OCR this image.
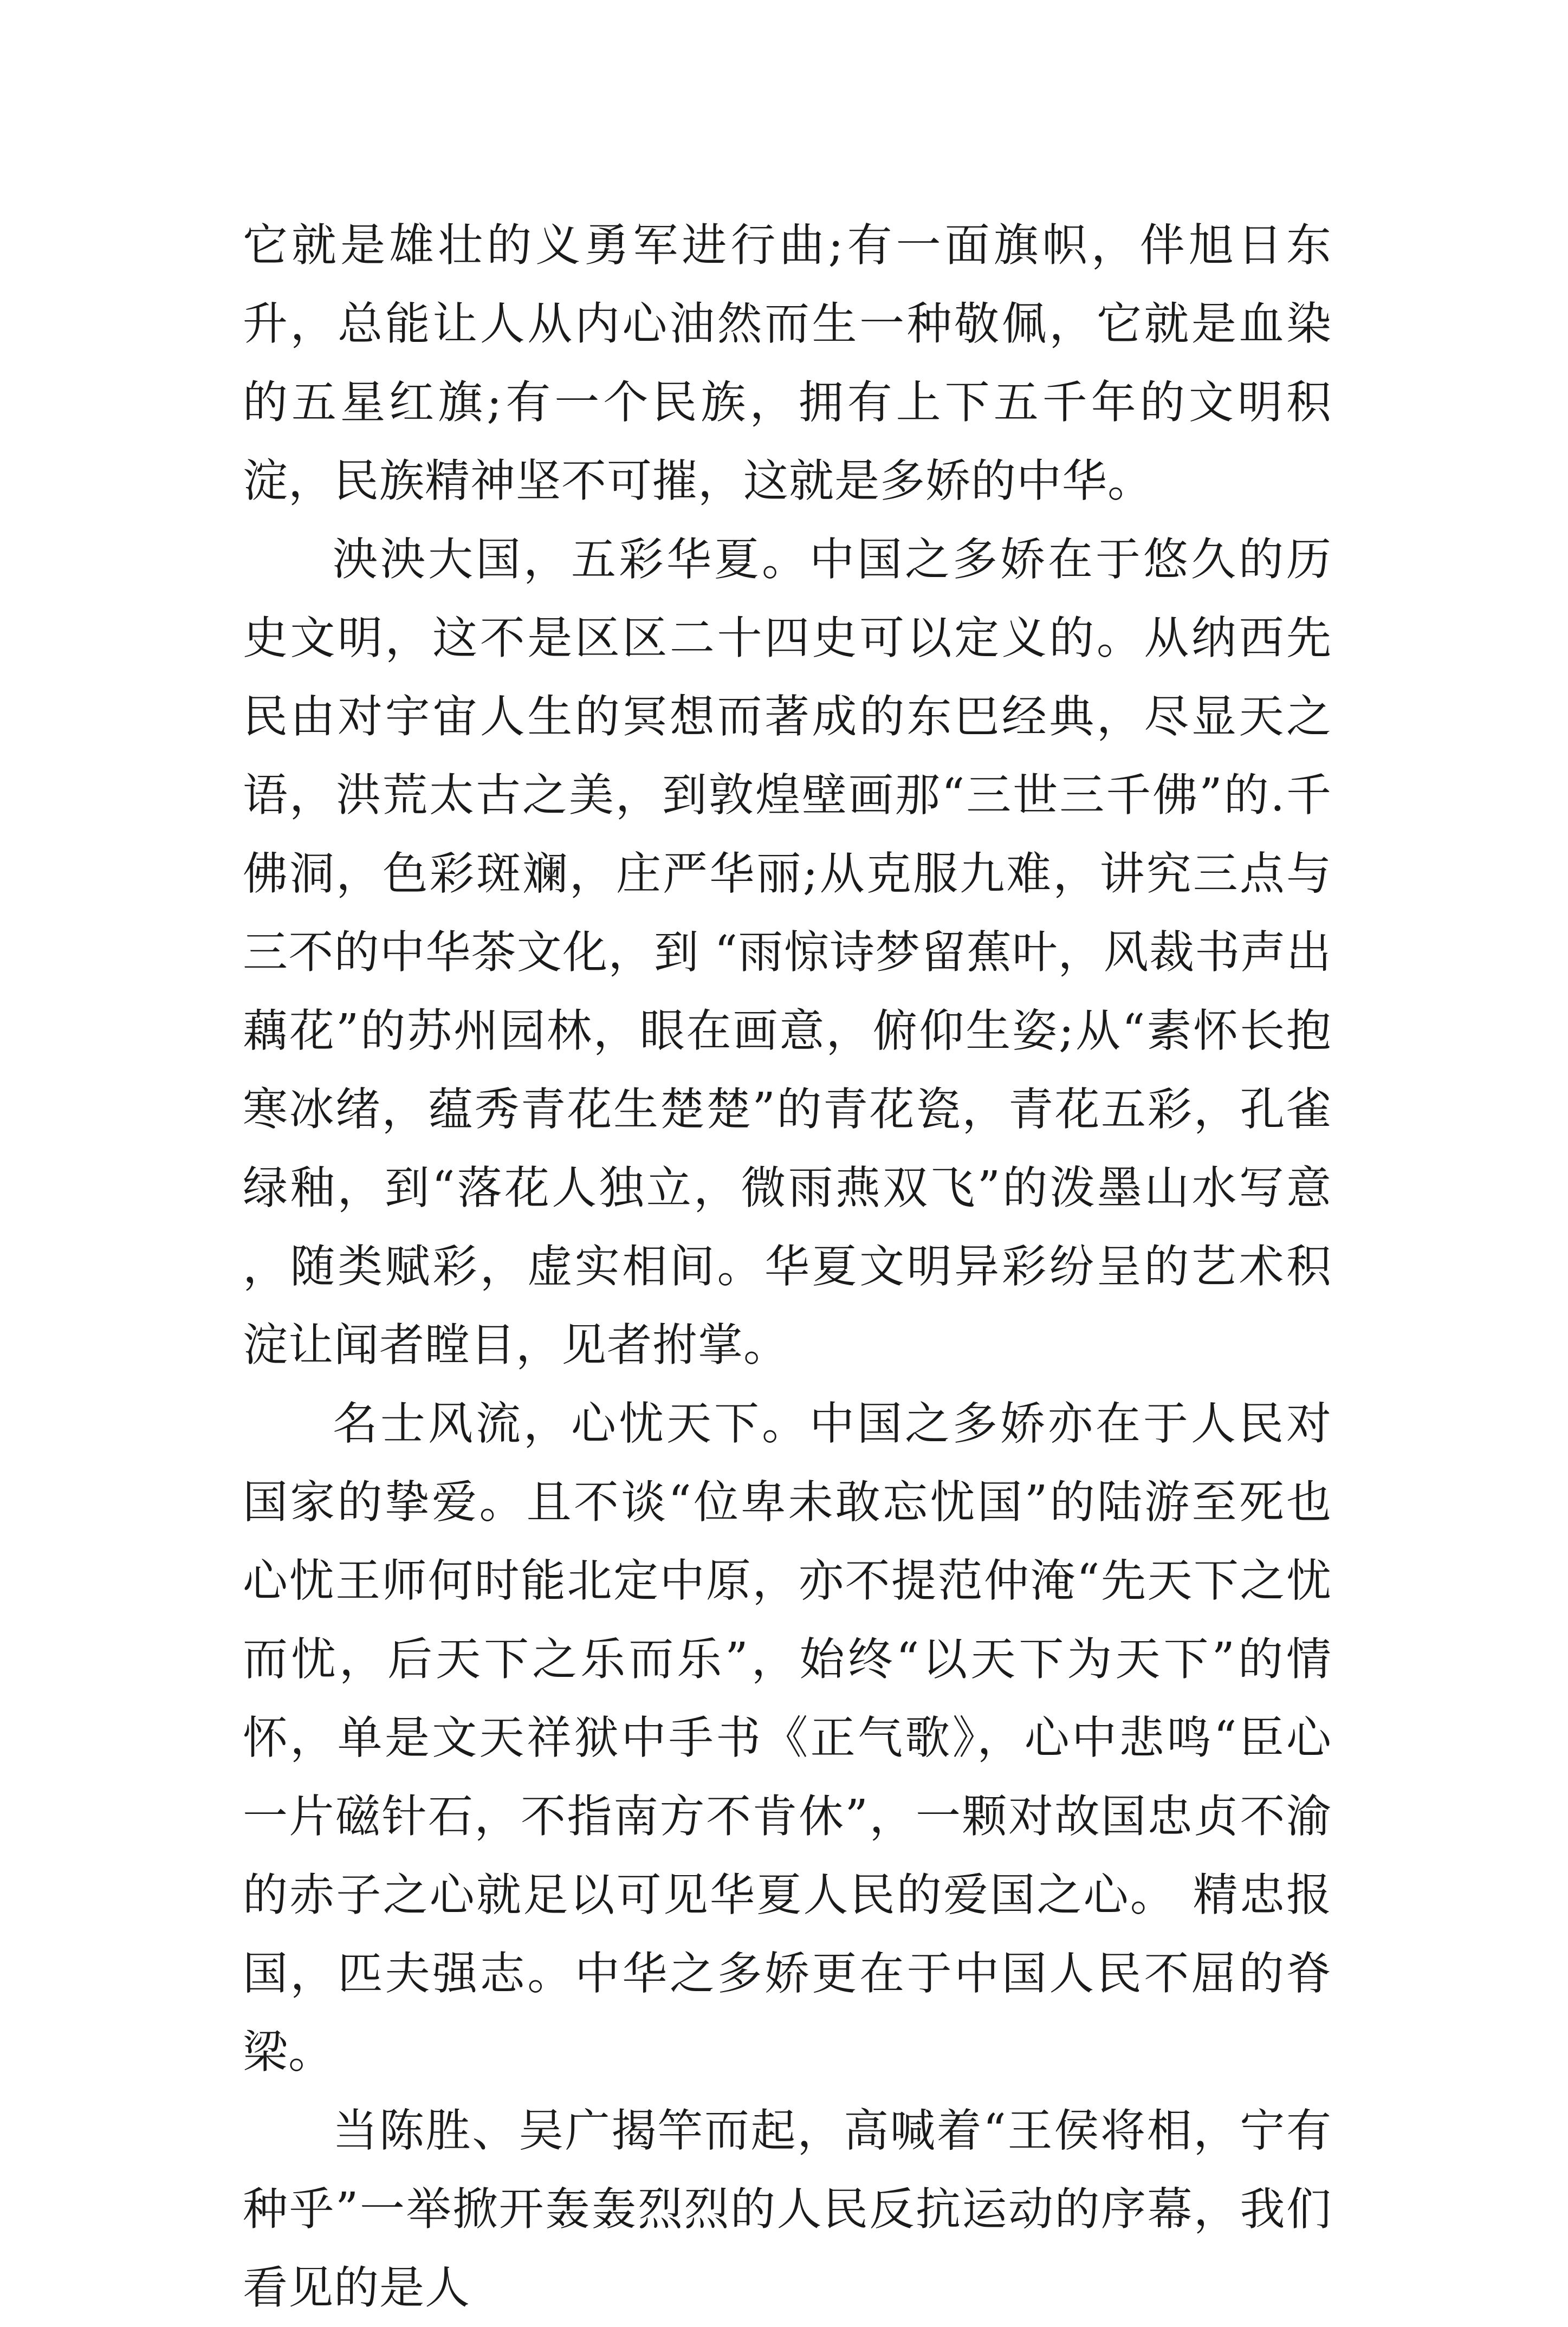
它就是雄壮的义勇军进行曲;有一面旗帜，伴旭日东升，总能让人从内心油然而生一种敬佩，它就是血染的五星红旗;有一个民族，拥有上下五千年的文明积淀，民族精神坚不可摧，这就是多娇的中华。

泱泱大国，五彩华夏。中国之多娇在于悠久的历史文明，这不是区区二十四史可以定义的。从纳西先民由对宇宙人生的冥想而著成的东巴经典，尽显天之语，洪荒太古之美，到敦煌壁画那“三世三千佛”的.千佛洞，色彩斑斓，庄严华丽;从克服九难，讲究三点与三不的中华茶文化，到 “雨惊诗梦留蕉叶，风裁书声出藕花”的苏州园林，眼在画意，俯仰生姿;从“素怀长抱寒冰绪，蕴秀青花生楚楚”的青花瓷，青花五彩，孔雀绿釉，到“落花人独立，微雨燕双飞”的泼墨山水写意 ，随类赋彩，虚实相间。华夏文明异彩纷呈的艺术积淀让闻者瞠目，见者拊掌。

名士风流，心忧天下。中国之多娇亦在于人民对国家的挚爱。且不谈“位卑未敢忘忧国”的陆游至死也心忧王师何时能北定中原，亦不提范仲淹“先天下之忧而忧，后天下之乐而乐”，始终“以天下为天下”的情怀，单是文天祥狱中手书《正气歌》，心中悲鸣“臣心一片磁针石，不指南方不肯休”，一颗对故国忠贞不渝的赤子之心就足以可见华夏人民的爱国之心。 精忠报国，匹夫强志。中华之多娇更在于中国人民不屈的脊梁。

当陈胜、吴广揭竿而起，高喊着“王侯将相，宁有种乎”一举掀开轰轰烈烈的人民反抗运动的序幕，我们看见的是人
